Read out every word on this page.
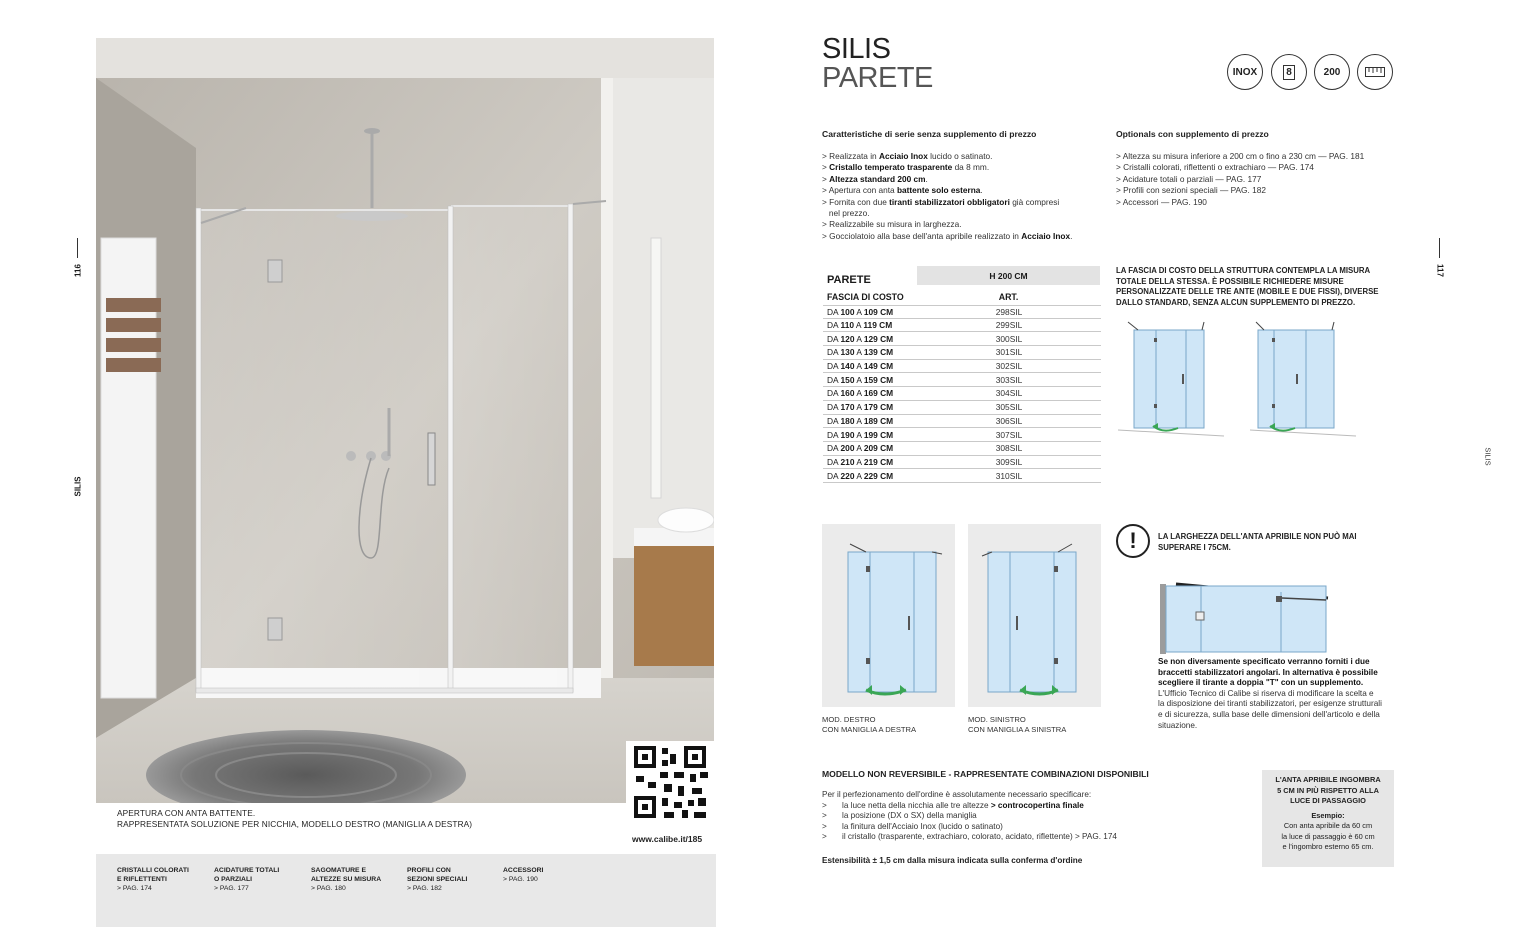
116
SILIS
www.calibe.it/185
APERTURA CON ANTA BATTENTE.
RAPPRESENTATA SOLUZIONE PER NICCHIA, MODELLO DESTRO (MANIGLIA A DESTRA)
CRISTALLI COLORATI
E RIFLETTENTI
> PAG. 174
ACIDATURE TOTALI
O PARZIALI
> PAG. 177
SAGOMATURE E
ALTEZZE SU MISURA
> PAG. 180
PROFILI CON
SEZIONI SPECIALI
> PAG. 182
ACCESSORI
> PAG. 190
SILIS
PARETE	INOX	8	200
Caratteristiche di serie senza supplemento di prezzo
> Realizzata in Acciaio Inox lucido o satinato.
> Cristallo temperato trasparente da 8 mm.
> Altezza standard 200 cm.
> Apertura con anta battente solo esterna.
> Fornita con due tiranti stabilizzatori obbligatori già compresi
nel prezzo.
> Realizzabile su misura in larghezza.
> Gocciolatoio alla base dell'anta apribile realizzato in Acciaio Inox.
Optionals con supplemento di prezzo
> Altezza su misura inferiore a 200 cm o fino a 230 cm — PAG. 181
> Cristalli colorati, riflettenti o extrachiaro — PAG. 174
> Acidature totali o parziali — PAG. 177
> Profili con sezioni speciali — PAG. 182
> Accessori — PAG. 190
PARETE	H 200 CM
FASCIA DI COSTO	ART.
DA 100 A 109 CM	298SIL
DA 110 A 119 CM	299SIL
DA 120 A 129 CM	300SIL
DA 130 A 139 CM	301SIL
DA 140 A 149 CM	302SIL
DA 150 A 159 CM	303SIL
DA 160 A 169 CM	304SIL
DA 170 A 179 CM	305SIL
DA 180 A 189 CM	306SIL
DA 190 A 199 CM	307SIL
DA 200 A 209 CM	308SIL
DA 210 A 219 CM	309SIL
DA 220 A 229 CM	310SIL
LA FASCIA DI COSTO DELLA STRUTTURA CONTEMPLA LA MISURA
TOTALE DELLA STESSA. È POSSIBILE RICHIEDERE MISURE
PERSONALIZZATE DELLE TRE ANTE (MOBILE E DUE FISSI), DIVERSE
DALLO STANDARD, SENZA ALCUN SUPPLEMENTO DI PREZZO.
MOD. DESTRO
CON MANIGLIA A DESTRA
MOD. SINISTRO
CON MANIGLIA A SINISTRA
!	LA LARGHEZZA DELL'ANTA APRIBILE NON PUÒ MAI
SUPERARE I 75CM.
Se non diversamente specificato verranno forniti i due
braccetti stabilizzatori angolari. In alternativa è possibile
scegliere il tirante a doppia "T" con un supplemento.
L'Ufficio Tecnico di Calibe si riserva di modificare la scelta e
la disposizione dei tiranti stabilizzatori, per esigenze strutturali
e di sicurezza, sulla base delle dimensioni dell'articolo e della
situazione.
MODELLO NON REVERSIBILE - RAPPRESENTATE COMBINAZIONI DISPONIBILI
Per il perfezionamento dell'ordine è assolutamente necessario specificare:
> la luce netta della nicchia alle tre altezze > controcopertina finale
> la posizione (DX o SX) della maniglia
> la finitura dell'Acciaio Inox (lucido o satinato)
> il cristallo (trasparente, extrachiaro, colorato, acidato, riflettente) > PAG. 174
Estensibilità ± 1,5 cm dalla misura indicata sulla conferma d'ordine
L'ANTA APRIBILE INGOMBRA
5 CM IN PIÙ RISPETTO ALLA
LUCE DI PASSAGGIO
Esempio:
Con anta apribile da 60 cm
la luce di passaggio è 60 cm
e l'ingombro esterno 65 cm.
117
SILIS
